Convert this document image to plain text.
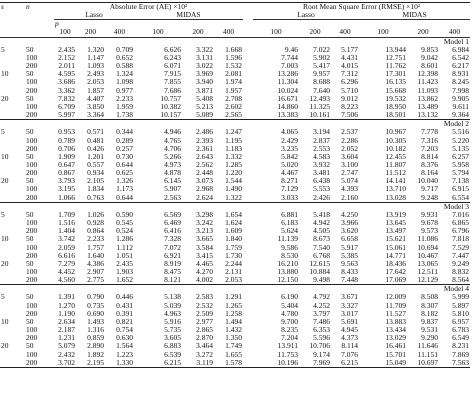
s	n	Absolute Error (AE) ×10²							Root Mean Square Error (RMSE) ×10²					
		Lasso			MIDAS				Lasso			MIDAS		
		p												
		100	200	400	100	200	400		100	200	400	100	200	400
Model 1														
5	50	2.435	1.320	0.709	6.626	3.322	1.668		9.46	7.022	5.177	13.944	9.853	6.984
	100	2.152	1.147	0.652	6.243	3.131	1.596		7.744	5.902	4.431	12.751	9.042	6.542
	200	2.011	1.093	0.588	6.071	3.022	1.532		7.003	5.417	4.015	11.762	8.601	6.217
10	50	4.595	2.493	1.324	7.915	3.969	2.081		13.286	9.957	7.312	17.301	12.398	8.931
	100	3.686	2.053	1.098	7.855	3.940	1.974		11.304	8.688	6.296	16.135	11.423	8.245
	200	3.362	1.857	0.977	7.686	3.871	1.957		10.024	7.640	5.710	15.668	11.093	7.998
20	50	7.832	4.407	2.233	10.757	5.408	2.708		16.671	12.493	9.012	19.532	13.862	9.905
	100	6.709	3.850	1.959	10.382	5.213	2.602		14.860	11.325	8.223	18.950	13.489	9.611
	200	5.997	3.364	1.738	10.157	5.089	2.565		13.383	10.161	7.506	18.501	13.132	9.364
Model 2														
5	50	0.953	0.571	0.344	4.946	2.486	1.247		4.065	3.194	2.537	10.967	7.778	5.516
	100	0.789	0.481	0.289	4.765	2.393	1.195		2.429	2.837	2.286	10.305	7.316	5.220
	200	0.706	0.426	0.257	4.706	2.361	1.183		3.235	2.553	2.052	10.182	7.203	5.135
10	50	1.909	1.201	0.730	5.266	2.643	1.332		5.842	4.583	3.604	12.455	8.814	6.257
	100	0.647	0.557	0.644	4.973	2.562	1.285		5.020	3.932	3.100	11.807	8.376	5.958
	200	0.867	0.934	0.625	4.878	2.448	1.220		4.467	3.481	2.747	11.512	8.164	5.794
20	50	3.793	2.105	1.326	6.145	3.073	1.544		8.271	6.438	5.074	14.141	10.040	7.138
	100	3.195	1.834	1.173	5.907	2.968	1.490		7.129	5.553	4.393	13.710	9.717	6.915
	200	1.066	0.763	0.644	2.563	2.624	1.322		3.033	2.426	2.160	13.028	9.248	6.554
Model 3														
5	50	1.709	1.026	0.590	6.569	3.298	1.654		6.881	5.418	4.250	13.919	9.931	7.016
	100	1.516	0.928	0.545	6.469	3.242	1.624		6.183	4.942	3.966	13.645	9.678	6.865
	200	1.404	0.864	0.524	6.416	3.213	1.609		5.624	4.505	3.620	13.497	9.573	6.796
10	50	3.742	2.233	1.286	7.328	3.665	1.840		11.139	8.673	6.658	15.621	11.086	7.818
	100	2.059	1.757	1.112	7.072	3.584	1.759		9.586	7.540	5.917	15.061	10.694	7.529
	200	6.616	1.640	1.051	6.921	3.415	1.730		8.530	6.768	5.385	14.771	10.467	7.447
20	50	7.279	4.386	2.435	8.919	4.465	2.244		16.210	12.615	9.563	18.436	13.065	9.249
	100	4.452	2.907	1.903	8.475	4.270	2.131		13.880	10.884	8.433	17.642	12.511	8.832
	200	4.560	2.775	1.652	8.121	4.002	2.053		12.150	9.498	7.448	17.069	12.129	8.564
Model 4														
5	50	1.391	0.790	0.446	5.138	2.583	1.291		6.190	4.792	3.671	12.009	8.508	5.999
	100	1.270	0.735	0.431	5.039	2.532	1.265		5.404	4.252	3.327	11.709	8.307	5.897
	200	1.190	0.690	0.391	4.963	2.509	1.258		4.780	3.797	3.017	11.527	8.182	5.810
10	50	2.634	1.493	0.821	5.916	2.977	1.494		9.700	7.486	5.691	13.883	9.837	6.957
	100	2.187	1.316	0.754	5.735	2.865	1.432		8.235	6.353	4.945	13.434	9.531	6.783
	200	1.231	0.859	0.630	3.605	2.870	1.350		7.204	5.596	4.373	13.029	9.290	6.549
20	50	5.079	2.890	1.564	6.883	3.464	1.749		13.911	10.706	8.114	16.461	11.646	8.231
	100	2.432	1.892	1.223	6.539	3.272	1.655		11.753	9.174	7.076	15.701	11.151	7.869
	200	3.702	2.195	1.330	6.215	3.119	1.578		10.196	7.969	6.215	15.049	10.697	7.563
